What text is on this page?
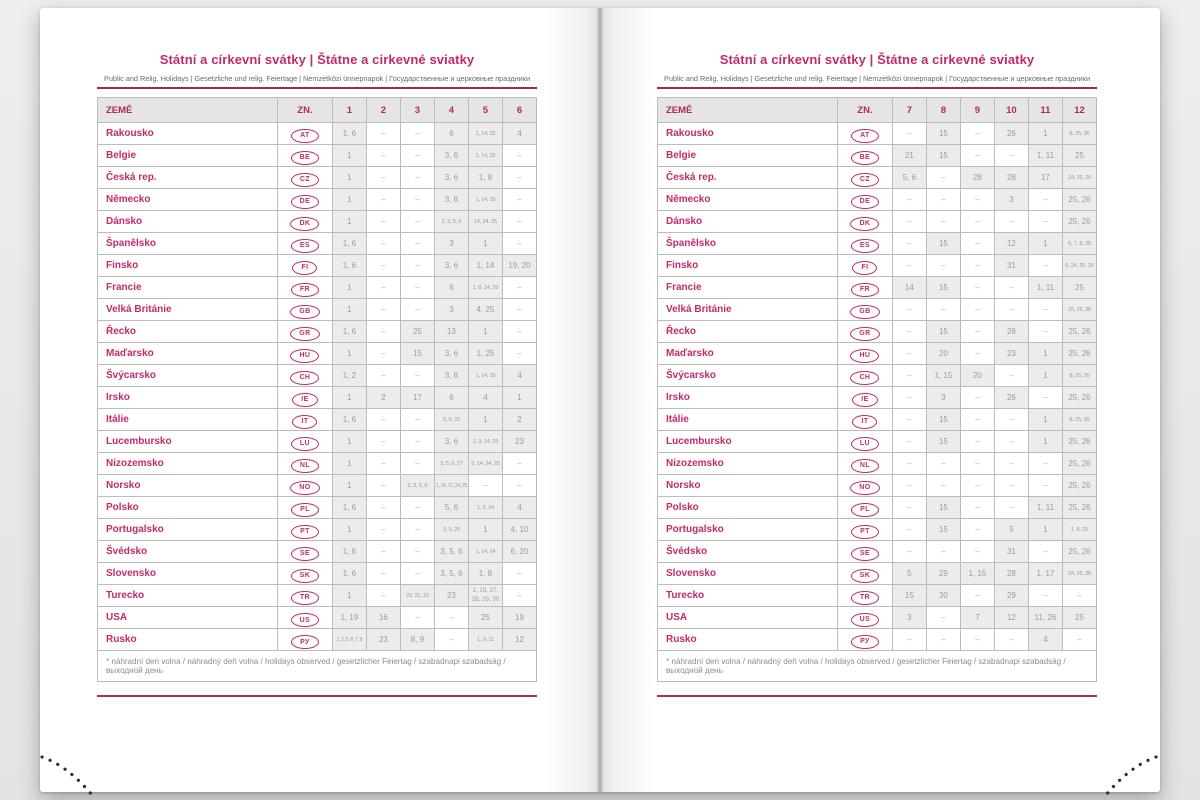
Státní a církevní svátky | Štátne a cirkevné sviatky
Public and Relig. Holidays | Gesetzliche und relig. Feiertage | Nemzetközi ünnepnapok | Государственные и церковные праздники
ZEMĚ	ZN.	1	2	3	4	5	6
Rakousko	AT	1, 6	–	–	6	1, 14, 25	4
Belgie	BE	1	–	–	3, 6	1, 14, 25	–
Česká rep.	CZ	1	–	–	3, 6	1, 8	–
Německo	DE	1	–	–	3, 6	1, 14, 25	–
Dánsko	DK	1	–	–	2, 3, 5, 6	14, 24, 25	–
Španělsko	ES	1, 6	–	–	3	1	–
Finsko	FI	1, 6	–	–	3, 6	1, 14	19, 20
Francie	FR	1	–	–	6	1, 8, 14, 25	–
Velká Británie	GB	1	–	–	3	4, 25	–
Řecko	GR	1, 6	–	25	13	1	–
Maďarsko	HU	1	–	15	3, 6	1, 25	–
Švýcarsko	CH	1, 2	–	–	3, 6	1, 14, 25	4
Irsko	IE	1	2	17	6	4	1
Itálie	IT	1, 6	–	–	5, 6, 25	1	2
Lucembursko	LU	1	–	–	3, 6	1, 9, 14, 25	23
Nizozemsko	NL	1	–	–	3, 5, 6, 27	5, 14, 24, 25	–
Norsko	NO	1	–	2, 3, 5, 6	1, 14, 17, 24, 25	–	–
Polsko	PL	1, 6	–	–	5, 6	1, 3, 24	4
Portugalsko	PT	1	–	–	3, 5, 25	1	4, 10
Švédsko	SE	1, 6	–	–	3, 5, 6	1, 14, 24	6, 20
Slovensko	SK	1, 6	–	–	3, 5, 6	1, 8	–
Turecko	TR	1	–	20, 21, 22	23	1, 19, 27, 28, 29, 30	–
USA	US	1, 19	16	–	–	25	19
Rusko	РУ	1, 2, 5, 6, 7, 8	23	8, 9	–	1, 9, 11	12
* náhradní den volna / náhradný deň volna / holidays observed / gesetzlicher Feiertag / szabadnapi szabadság / выходной день							
Státní a církevní svátky | Štátne a cirkevné sviatky
Public and Relig. Holidays | Gesetzliche und relig. Feiertage | Nemzetközi ünnepnapok | Государственные и церковные праздники
ZEMĚ	ZN.	7	8	9	10	11	12
Rakousko	AT	–	15	–	26	1	8, 25, 26
Belgie	BE	21	15	–	–	1, 11	25
Česká rep.	CZ	5, 6	–	28	28	17	24, 25, 26
Německo	DE	–	–	–	3	–	25, 26
Dánsko	DK	–	–	–	–	–	25, 26
Španělsko	ES	–	15	–	12	1	6, 7, 8, 25
Finsko	FI	–	–	–	31	–	6, 24, 25, 26
Francie	FR	14	15	–	–	1, 11	25
Velká Británie	GB	–	–	–	–	–	25, 26, 28
Řecko	GR	–	15	–	28	–	25, 26
Maďarsko	HU	–	20	–	23	1	25, 26
Švýcarsko	CH	–	1, 15	20	–	1	8, 25, 26
Irsko	IE	–	3	–	26	–	25, 26
Itálie	IT	–	15	–	–	1	8, 25, 26
Lucembursko	LU	–	15	–	–	1	25, 26
Nizozemsko	NL	–	–	–	–	–	25, 26
Norsko	NO	–	–	–	–	–	25, 26
Polsko	PL	–	15	–	–	1, 11	25, 26
Portugalsko	PT	–	15	–	5	1	1, 8, 25
Švédsko	SE	–	–	–	31	–	25, 26
Slovensko	SK	5	29	1, 15	28	1, 17	24, 25, 26
Turecko	TR	15	30	–	29	–	–
USA	US	3	–	7	12	11, 26	25
Rusko	РУ	–	–	–	–	4	–
* náhradní den volna / náhradný deň volna / holidays observed / gesetzlicher Feiertag / szabadnapi szabadság / выходной день							
